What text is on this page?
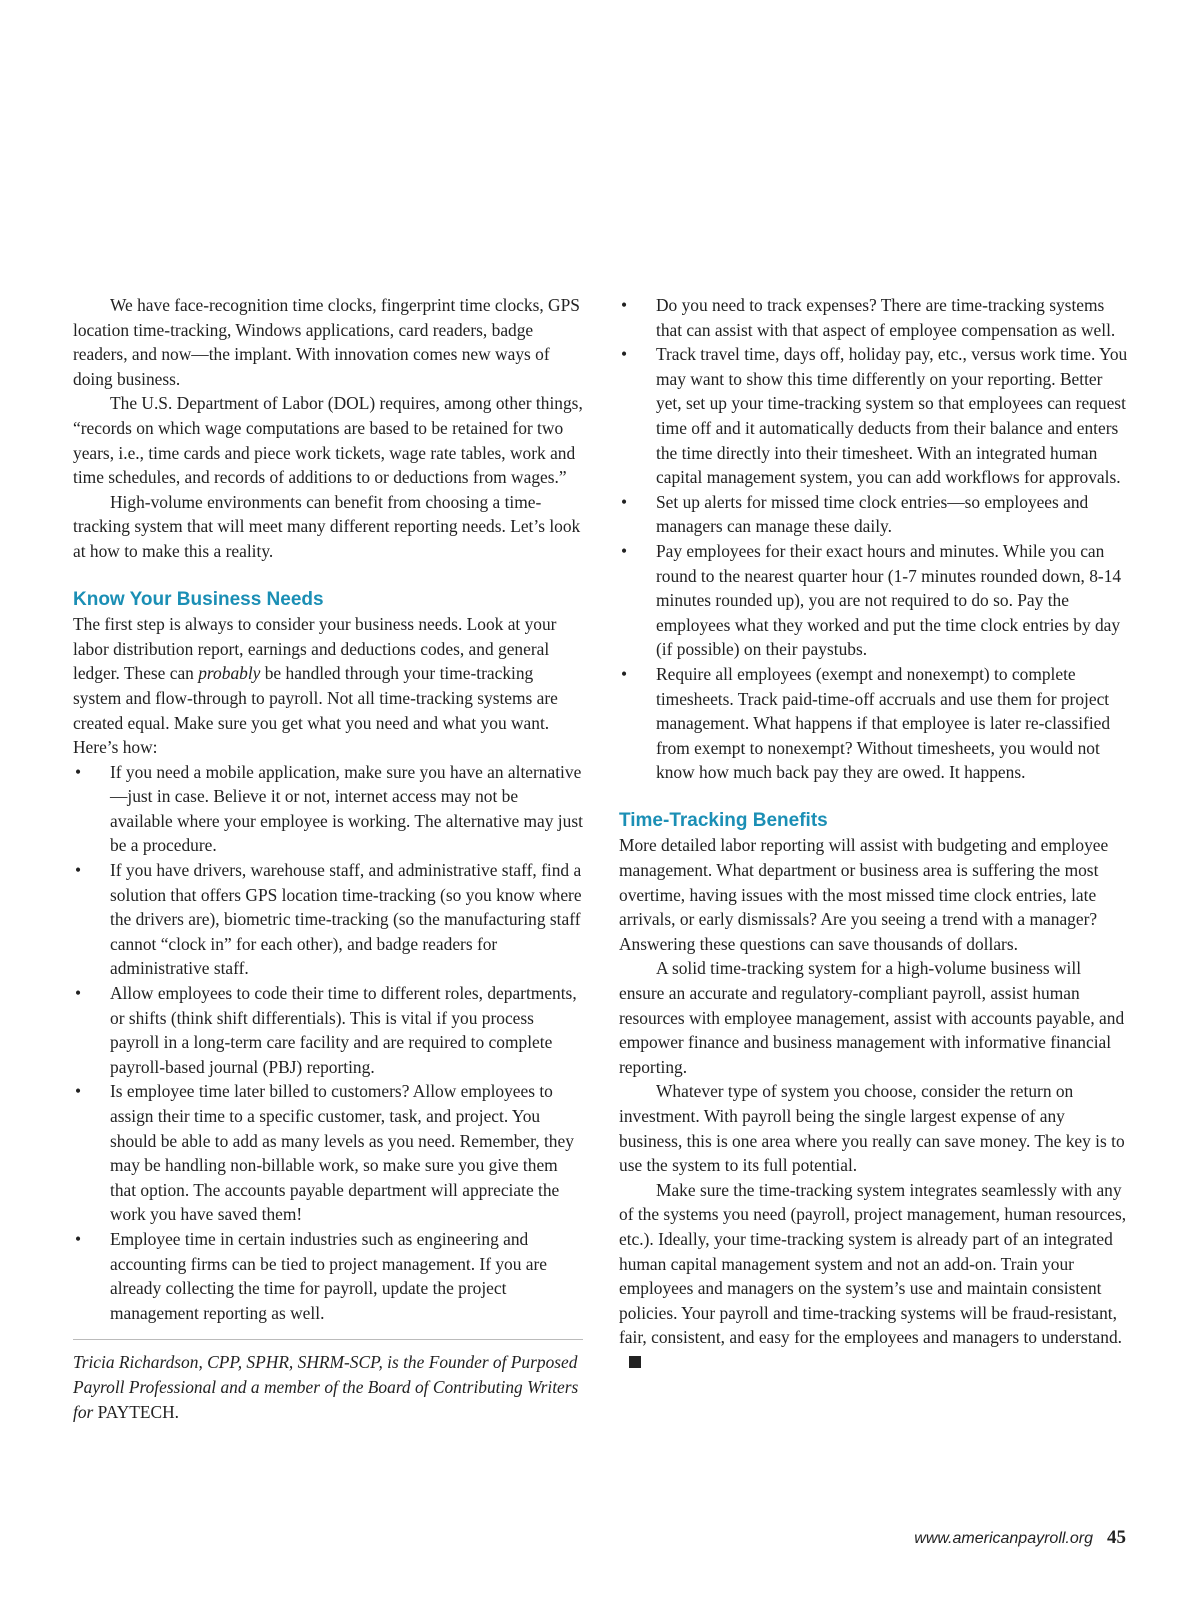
We have face-recognition time clocks, fingerprint time clocks, GPS location time-tracking, Windows applications, card readers, badge readers, and now—the implant. With innovation comes new ways of doing business.

The U.S. Department of Labor (DOL) requires, among other things, “records on which wage computations are based to be retained for two years, i.e., time cards and piece work tickets, wage rate tables, work and time schedules, and records of additions to or deductions from wages.”

High-volume environments can benefit from choosing a time-tracking system that will meet many different reporting needs. Let’s look at how to make this a reality.

Know Your Business Needs

The first step is always to consider your business needs. Look at your labor distribution report, earnings and deductions codes, and general ledger. These can probably be handled through your time-tracking system and flow-through to payroll. Not all time-tracking systems are created equal. Make sure you get what you need and what you want. Here’s how:

• If you need a mobile application, make sure you have an alternative—just in case. Believe it or not, internet access may not be available where your employee is working. The alternative may just be a procedure.
• If you have drivers, warehouse staff, and administrative staff, find a solution that offers GPS location time-tracking (so you know where the drivers are), biometric time-tracking (so the manufacturing staff cannot “clock in” for each other), and badge readers for administrative staff.
• Allow employees to code their time to different roles, departments, or shifts (think shift differentials). This is vital if you process payroll in a long-term care facility and are required to complete payroll-based journal (PBJ) reporting.
• Is employee time later billed to customers? Allow employees to assign their time to a specific customer, task, and project. You should be able to add as many levels as you need. Remember, they may be handling non-billable work, so make sure you give them that option. The accounts payable department will appreciate the work you have saved them!
• Employee time in certain industries such as engineering and accounting firms can be tied to project management. If you are already collecting the time for payroll, update the project management reporting as well.

Tricia Richardson, CPP, SPHR, SHRM-SCP, is the Founder of Purposed Payroll Professional and a member of the Board of Contributing Writers for PAYTECH.

• Do you need to track expenses? There are time-tracking systems that can assist with that aspect of employee compensation as well.
• Track travel time, days off, holiday pay, etc., versus work time. You may want to show this time differently on your reporting. Better yet, set up your time-tracking system so that employees can request time off and it automatically deducts from their balance and enters the time directly into their timesheet. With an integrated human capital management system, you can add workflows for approvals.
• Set up alerts for missed time clock entries—so employees and managers can manage these daily.
• Pay employees for their exact hours and minutes. While you can round to the nearest quarter hour (1-7 minutes rounded down, 8-14 minutes rounded up), you are not required to do so. Pay the employees what they worked and put the time clock entries by day (if possible) on their paystubs.
• Require all employees (exempt and nonexempt) to complete timesheets. Track paid-time-off accruals and use them for project management. What happens if that employee is later re-classified from exempt to nonexempt? Without timesheets, you would not know how much back pay they are owed. It happens.
Time-Tracking Benefits

More detailed labor reporting will assist with budgeting and employee management. What department or business area is suffering the most overtime, having issues with the most missed time clock entries, late arrivals, or early dismissals? Are you seeing a trend with a manager? Answering these questions can save thousands of dollars.

A solid time-tracking system for a high-volume business will ensure an accurate and regulatory-compliant payroll, assist human resources with employee management, assist with accounts payable, and empower finance and business management with informative financial reporting.

Whatever type of system you choose, consider the return on investment. With payroll being the single largest expense of any business, this is one area where you really can save money. The key is to use the system to its full potential.

Make sure the time-tracking system integrates seamlessly with any of the systems you need (payroll, project management, human resources, etc.). Ideally, your time-tracking system is already part of an integrated human capital management system and not an add-on. Train your employees and managers on the system’s use and maintain consistent policies. Your payroll and time-tracking systems will be fraud-resistant, fair, consistent, and easy for the employees and managers to understand.

www.americanpayroll.org 45
